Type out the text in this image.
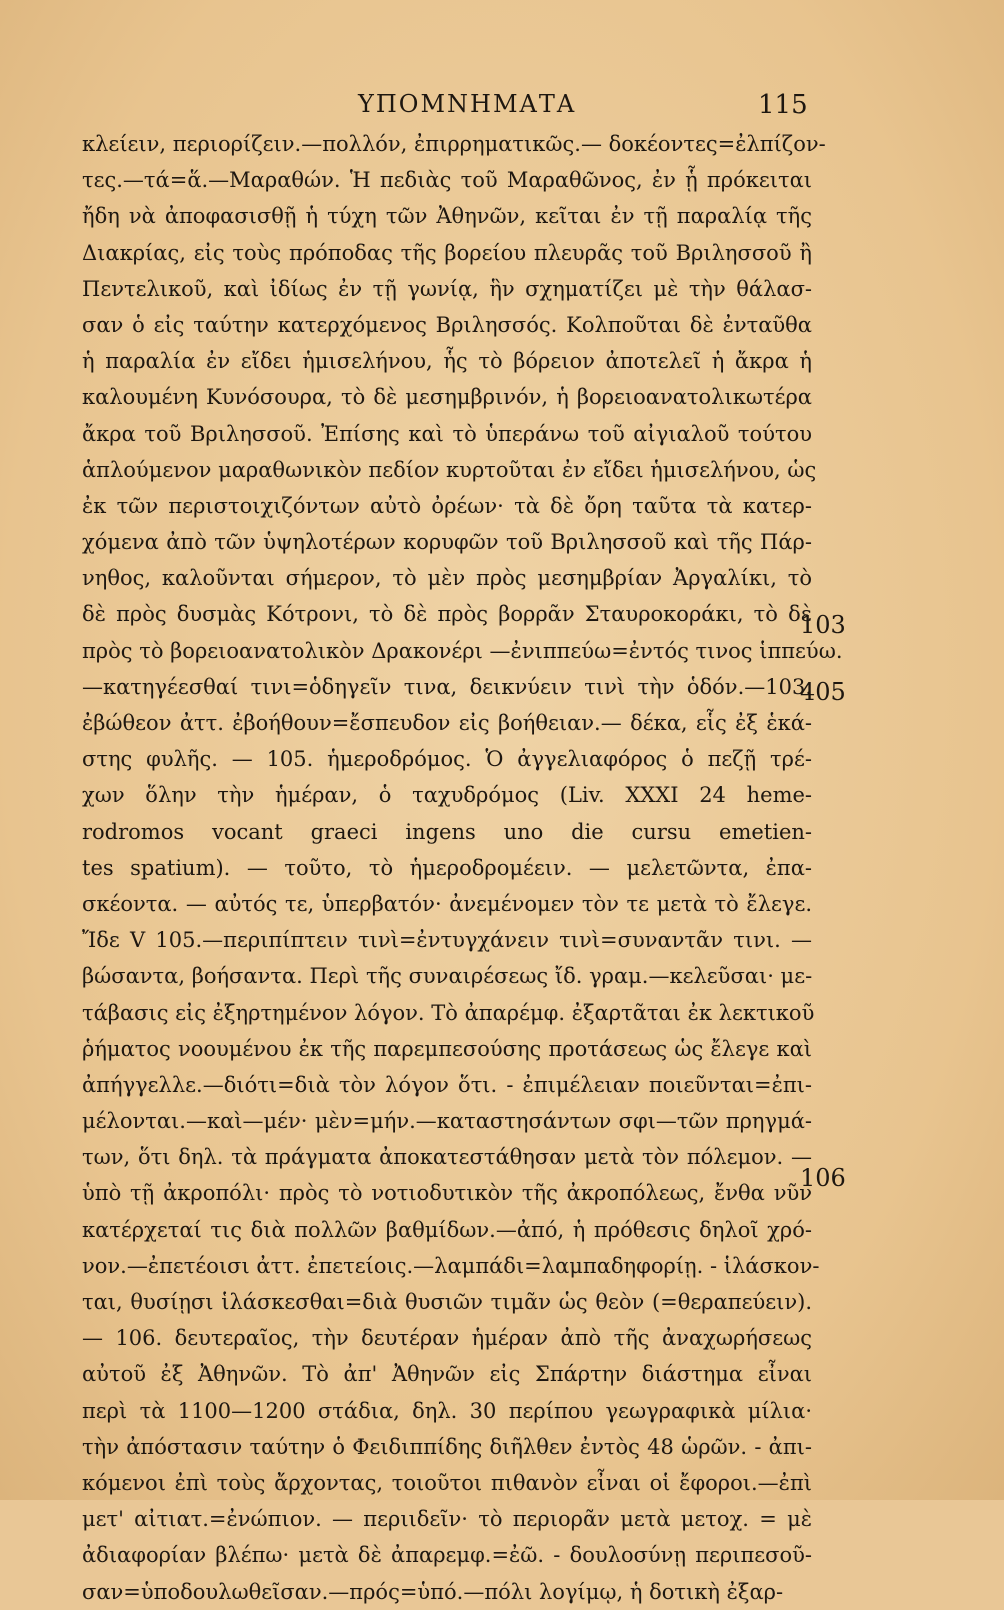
ΥΠΟΜΝΗΜΑΤΑ	115
κλείειν, περιορίζειν.—πολλόν, ἐπιρρηματικῶς.— δοκέοντες=ἐλπίζον-
τες.—τά=ἅ.—Μαραθών. Ἡ πεδιὰς τοῦ Μαραθῶνος, ἐν ᾗ πρόκειται
ἤδη νὰ ἀποφασισθῇ ἡ τύχη τῶν Ἀθηνῶν, κεῖται ἐν τῇ παραλίᾳ τῆς
Διακρίας, εἰς τοὺς πρόποδας τῆς βορείου πλευρᾶς τοῦ Βριλησσοῦ ἢ
Πεντελικοῦ, καὶ ἰδίως ἐν τῇ γωνίᾳ, ἣν σχηματίζει μὲ τὴν θάλασ-
σαν ὁ εἰς ταύτην κατερχόμενος Βριλησσός. Κολποῦται δὲ ἐνταῦθα
ἡ παραλία ἐν εἴδει ἡμισελήνου, ἧς τὸ βόρειον ἀποτελεῖ ἡ ἄκρα ἡ
καλουμένη Κυνόσουρα, τὸ δὲ μεσημβρινόν, ἡ βορειοανατολικωτέρα
ἄκρα τοῦ Βριλησσοῦ. Ἐπίσης καὶ τὸ ὑπεράνω τοῦ αἰγιαλοῦ τούτου
ἁπλούμενον μαραθωνικὸν πεδίον κυρτοῦται ἐν εἴδει ἡμισελήνου, ὡς
ἐκ τῶν περιστοιχιζόντων αὐτὸ ὀρέων· τὰ δὲ ὄρη ταῦτα τὰ κατερ-
χόμενα ἀπὸ τῶν ὑψηλοτέρων κορυφῶν τοῦ Βριλησσοῦ καὶ τῆς Πάρ-
νηθος, καλοῦνται σήμερον, τὸ μὲν πρὸς μεσημβρίαν Ἀργαλίκι, τὸ
δὲ πρὸς δυσμὰς Κότρονι, τὸ δὲ πρὸς βορρᾶν Σταυροκοράκι, τὸ δὲ
πρὸς τὸ βορειοανατολικὸν Δρακονέρι —ἐνιππεύω=ἐντός τινος ἱππεύω.
—κατηγέεσθαί τινι=ὁδηγεῖν τινα, δεικνύειν τινὶ τὴν ὁδόν.—103.
ἐβώθεον ἀττ. ἐβοήθουν=ἔσπευδον εἰς βοήθειαν.— δέκα, εἷς ἐξ ἑκά-
στης φυλῆς. — 105. ἡμεροδρόμος. Ὁ ἀγγελιαφόρος ὁ πεζῇ τρέ-
χων ὅλην τὴν ἡμέραν, ὁ ταχυδρόμος (Liv. XXXI 24 hemе-
rodromos vocant graeci ingens uno die cursu emetien-
tes spatium). — τοῦτο, τὸ ἡμεροδρομέειν. — μελετῶντα, ἐπα-
σκέοντα. — αὐτός τε, ὑπερβατόν· ἀνεμένομεν τὸν τε μετὰ τὸ ἔλεγε.
Ἴδε V 105.—περιπίπτειν τινὶ=ἐντυγχάνειν τινὶ=συναντᾶν τινι. —
βώσαντα, βοήσαντα. Περὶ τῆς συναιρέσεως ἴδ. γραμ.—κελεῦσαι· με-
τάβασις εἰς ἐξηρτημένον λόγον. Τὸ ἀπαρέμφ. ἐξαρτᾶται ἐκ λεκτικοῦ
ῥήματος νοουμένου ἐκ τῆς παρεμπεσούσης προτάσεως ὡς ἔλεγε καὶ
ἀπήγγελλε.—διότι=διὰ τὸν λόγον ὅτι. - ἐπιμέλειαν ποιεῦνται=ἐπι-
μέλονται.—καὶ—μέν· μὲν=μήν.—καταστησάντων σφι—τῶν πρηγμά-
των, ὅτι δηλ. τὰ πράγματα ἀποκατεστάθησαν μετὰ τὸν πόλεμον. —
ὑπὸ τῇ ἀκροπόλι· πρὸς τὸ νοτιοδυτικὸν τῆς ἀκροπόλεως, ἔνθα νῦν
κατέρχεταί τις διὰ πολλῶν βαθμίδων.—ἀπό, ἡ πρόθεσις δηλοῖ χρό-
νον.—ἐπετέοισι ἀττ. ἐπετείοις.—λαμπάδι=λαμπαδηφορίῃ. - ἱλάσκον-
ται, θυσίῃσι ἱλάσκεσθαι=διὰ θυσιῶν τιμᾶν ὡς θεὸν (=θεραπεύειν).
— 106. δευτεραῖος, τὴν δευτέραν ἡμέραν ἀπὸ τῆς ἀναχωρήσεως
αὐτοῦ ἐξ Ἀθηνῶν. Τὸ ἀπ' Ἀθηνῶν εἰς Σπάρτην διάστημα εἶναι
περὶ τὰ 1100—1200 στάδια, δηλ. 30 περίπου γεωγραφικὰ μίλια·
τὴν ἀπόστασιν ταύτην ὁ Φειδιππίδης διῆλθεν ἐντὸς 48 ὡρῶν. - ἀπι-
κόμενοι ἐπὶ τοὺς ἄρχοντας, τοιοῦτοι πιθανὸν εἶναι οἱ ἔφοροι.—ἐπὶ
μετ' αἰτιατ.=ἐνώπιον. — περιιδεῖν· τὸ περιορᾶν μετὰ μετοχ. = μὲ
ἀδιαφορίαν βλέπω· μετὰ δὲ ἀπαρεμφ.=ἐῶ. - δουλοσύνῃ περιπεσοῦ-
σαν=ὑποδουλωθεῖσαν.—πρός=ὑπό.—πόλι λογίμῳ, ἡ δοτικὴ ἐξαρ-
103
405
106
